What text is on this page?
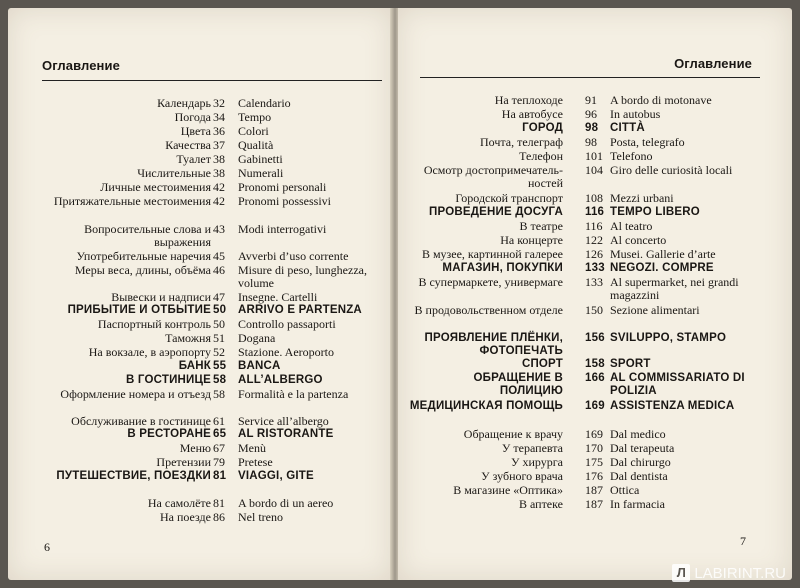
Оглавление
Календарь 32	Calendario
Погода 34	Tempo
Цвета 36	Colori
Качества 37	Qualità
Туалет 38	Gabinetti
Числительные 38	Numerali
Личные местоимения 42	Pronomi personali
Притяжательные местоимения 42	Pronomi possessivi
Вопросительные слова и выражения
43	Modi interrogativi
Употребительные наречия 45	Avverbi d’uso corrente
Меры веса, длины, объёма 46	Misure di peso, lunghezza, volume
Вывески и надписи 47	Insegne. Cartelli
ПРИБЫТИЕ И ОТБЫТИЕ 50	ARRIVO E PARTENZA
Паспортный контроль 50	Controllo passaporti
Таможня 51	Dogana
На вокзале, в аэропорту 52	Stazione. Aeroporto
БАНК 55	BANCA
В ГОСТИНИЦЕ 58	ALL’ALBERGO
Оформление номера и отъезд 58	Formalità e la partenza
Обслуживание в гостинице 61	Service all’albergo
В РЕСТОРАНЕ 65	AL RISTORANTE
Меню 67	Menù
Претензии 79	Pretese
ПУТЕШЕСТВИЕ, ПОЕЗДКИ 81	VIAGGI, GITE
На самолёте 81	A bordo di un aereo
На поезде 86	Nel treno
6
Оглавление
На теплоходе 91	A bordo di motonave
На автобусе 96	In autobus
ГОРОД 98	CITTÀ
Почта, телеграф 98	Posta, telegrafo
Телефон 101 Telefono
Осмотр достопримечатель-ностей
104 Giro delle curiosità locali
Городской транспорт 108 Mezzi urbani
ПРОВЕДЕНИЕ ДОСУГА 116 TEMPO LIBERO
В театре 116 Al teatro
На концерте 122 Al concerto
В музее, картинной галерее 126 Musei. Gallerie d’arte
МАГАЗИН, ПОКУПКИ 133 NEGOZI. COMPRE
В супермаркете, универмаге 133 Al supermarket, nei grandi magazzini
В продовольственном отделе 150 Sezione alimentari
ПРОЯВЛЕНИЕ ПЛЁНКИ, ФОТОПЕЧАТЬ
156 SVILUPPO, STAMPO
СПОРТ 158 SPORT
ОБРАЩЕНИЕ В ПОЛИЦИЮ
166 AL COMMISSARIATO DI POLIZIA
МЕДИЦИНСКАЯ ПОМОЩЬ 169 ASSISTENZA MEDICA
Обращение к врачу 169 Dal medico
У терапевта 170 Dal terapeuta
У хирурга 175 Dal chirurgo
У зубного врача 176 Dal dentista
В магазине «Оптика» 187 Ottica
В аптеке 187 In farmacia
7
Л LABIRINT.RU
